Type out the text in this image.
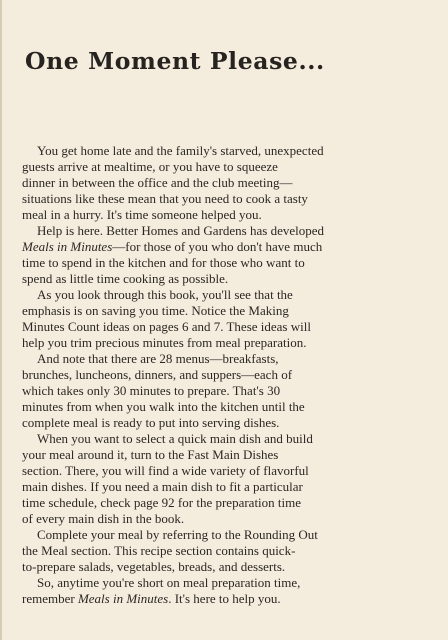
One Moment Please...

You get home late and the family's starved, unexpected
guests arrive at mealtime, or you have to squeeze
dinner in between the office and the club meeting—
situations like these mean that you need to cook a tasty
meal in a hurry. It's time someone helped you.

Help is here. Better Homes and Gardens has developed
Meals in Minutes—for those of you who don't have much
time to spend in the kitchen and for those who want to
spend as little time cooking as possible.

As you look through this book, you'll see that the
emphasis is on saving you time. Notice the Making
Minutes Count ideas on pages 6 and 7. These ideas will
help you trim precious minutes from meal preparation.

And note that there are 28 menus—breakfasts,
brunches, luncheons, dinners, and suppers—each of
which takes only 30 minutes to prepare. That's 30
minutes from when you walk into the kitchen until the
complete meal is ready to put into serving dishes.

When you want to select a quick main dish and build
your meal around it, turn to the Fast Main Dishes
section. There, you will find a wide variety of flavorful
main dishes. If you need a main dish to fit a particular
time schedule, check page 92 for the preparation time
of every main dish in the book.

Complete your meal by referring to the Rounding Out
the Meal section. This recipe section contains quick-
to-prepare salads, vegetables, breads, and desserts.

So, anytime you're short on meal preparation time,
remember Meals in Minutes. It's here to help you.
